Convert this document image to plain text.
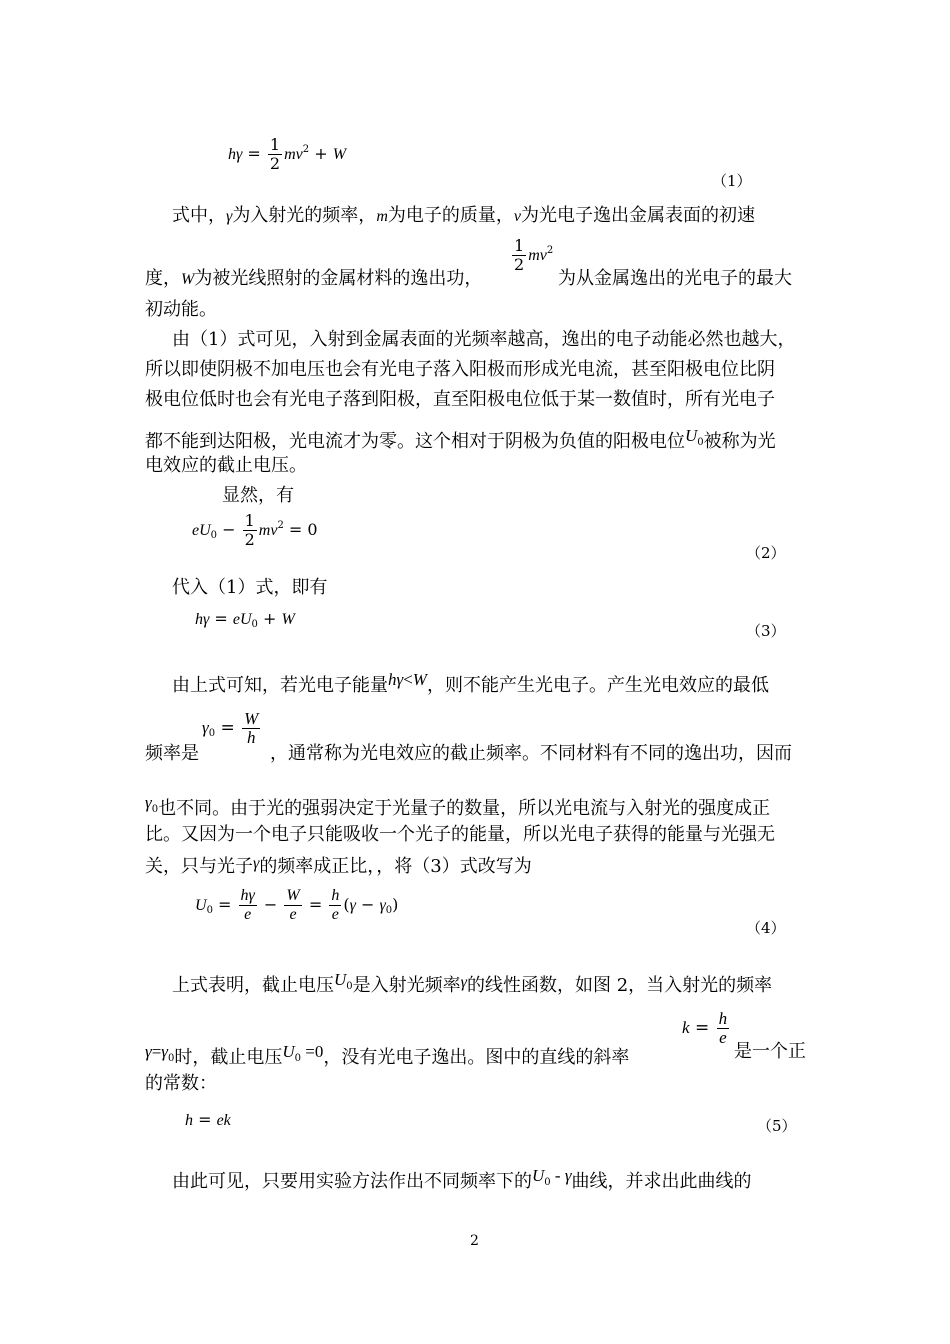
$h\gamma = \frac{1}{2} mv^2 + W$
（1）
式中，γ为入射光的频率，m为电子的质量，v为光电子逸出金属表面的初速
度，W为被光线照射的金属材料的逸出功，
$\frac{1}{2} mv^2$
为从金属逸出的光电子的最大
初动能。
由（1）式可见，入射到金属表面的光频率越高，逸出的电子动能必然也越大，
所以即使阴极不加电压也会有光电子落入阳极而形成光电流，甚至阳极电位比阴
极电位低时也会有光电子落到阳极，直至阳极电位低于某一数值时，所有光电子
都不能到达阳极，光电流才为零。这个相对于阴极为负值的阳极电位$U_0$被称为光
电效应的截止电压。
显然，有
$eU_0 - \frac{1}{2} mv^2 = 0$
（2）
代入（1）式，即有
$h\gamma = eU_0 + W$
（3）
由上式可知，若光电子能量hγ<W，则不能产生光电子。产生光电效应的最低
频率是
$\gamma_0 = \frac{W}{h}$
，通常称为光电效应的截止频率。不同材料有不同的逸出功，因而
$\gamma_0$也不同。由于光的强弱决定于光量子的数量，所以光电流与入射光的强度成正
比。又因为一个电子只能吸收一个光子的能量，所以光电子获得的能量与光强无
关，只与光子γ的频率成正比，，将（3）式改写为
$U_0 = \frac{h\gamma}{e} - \frac{W}{e} = \frac{h}{e} (\gamma - \gamma_0)$
（4）
上式表明，截止电压$U_0$是入射光频率γ的线性函数，如图 2，当入射光的频率
$\gamma=\gamma_0$时，截止电压$U_0 =0$，没有光电子逸出。图中的直线的斜率
$k = \frac{h}{e}$
是一个正
的常数：
h = ek	（5）
由此可见，只要用实验方法作出不同频率下的$U_0$ - γ曲线，并求出此曲线的
2
